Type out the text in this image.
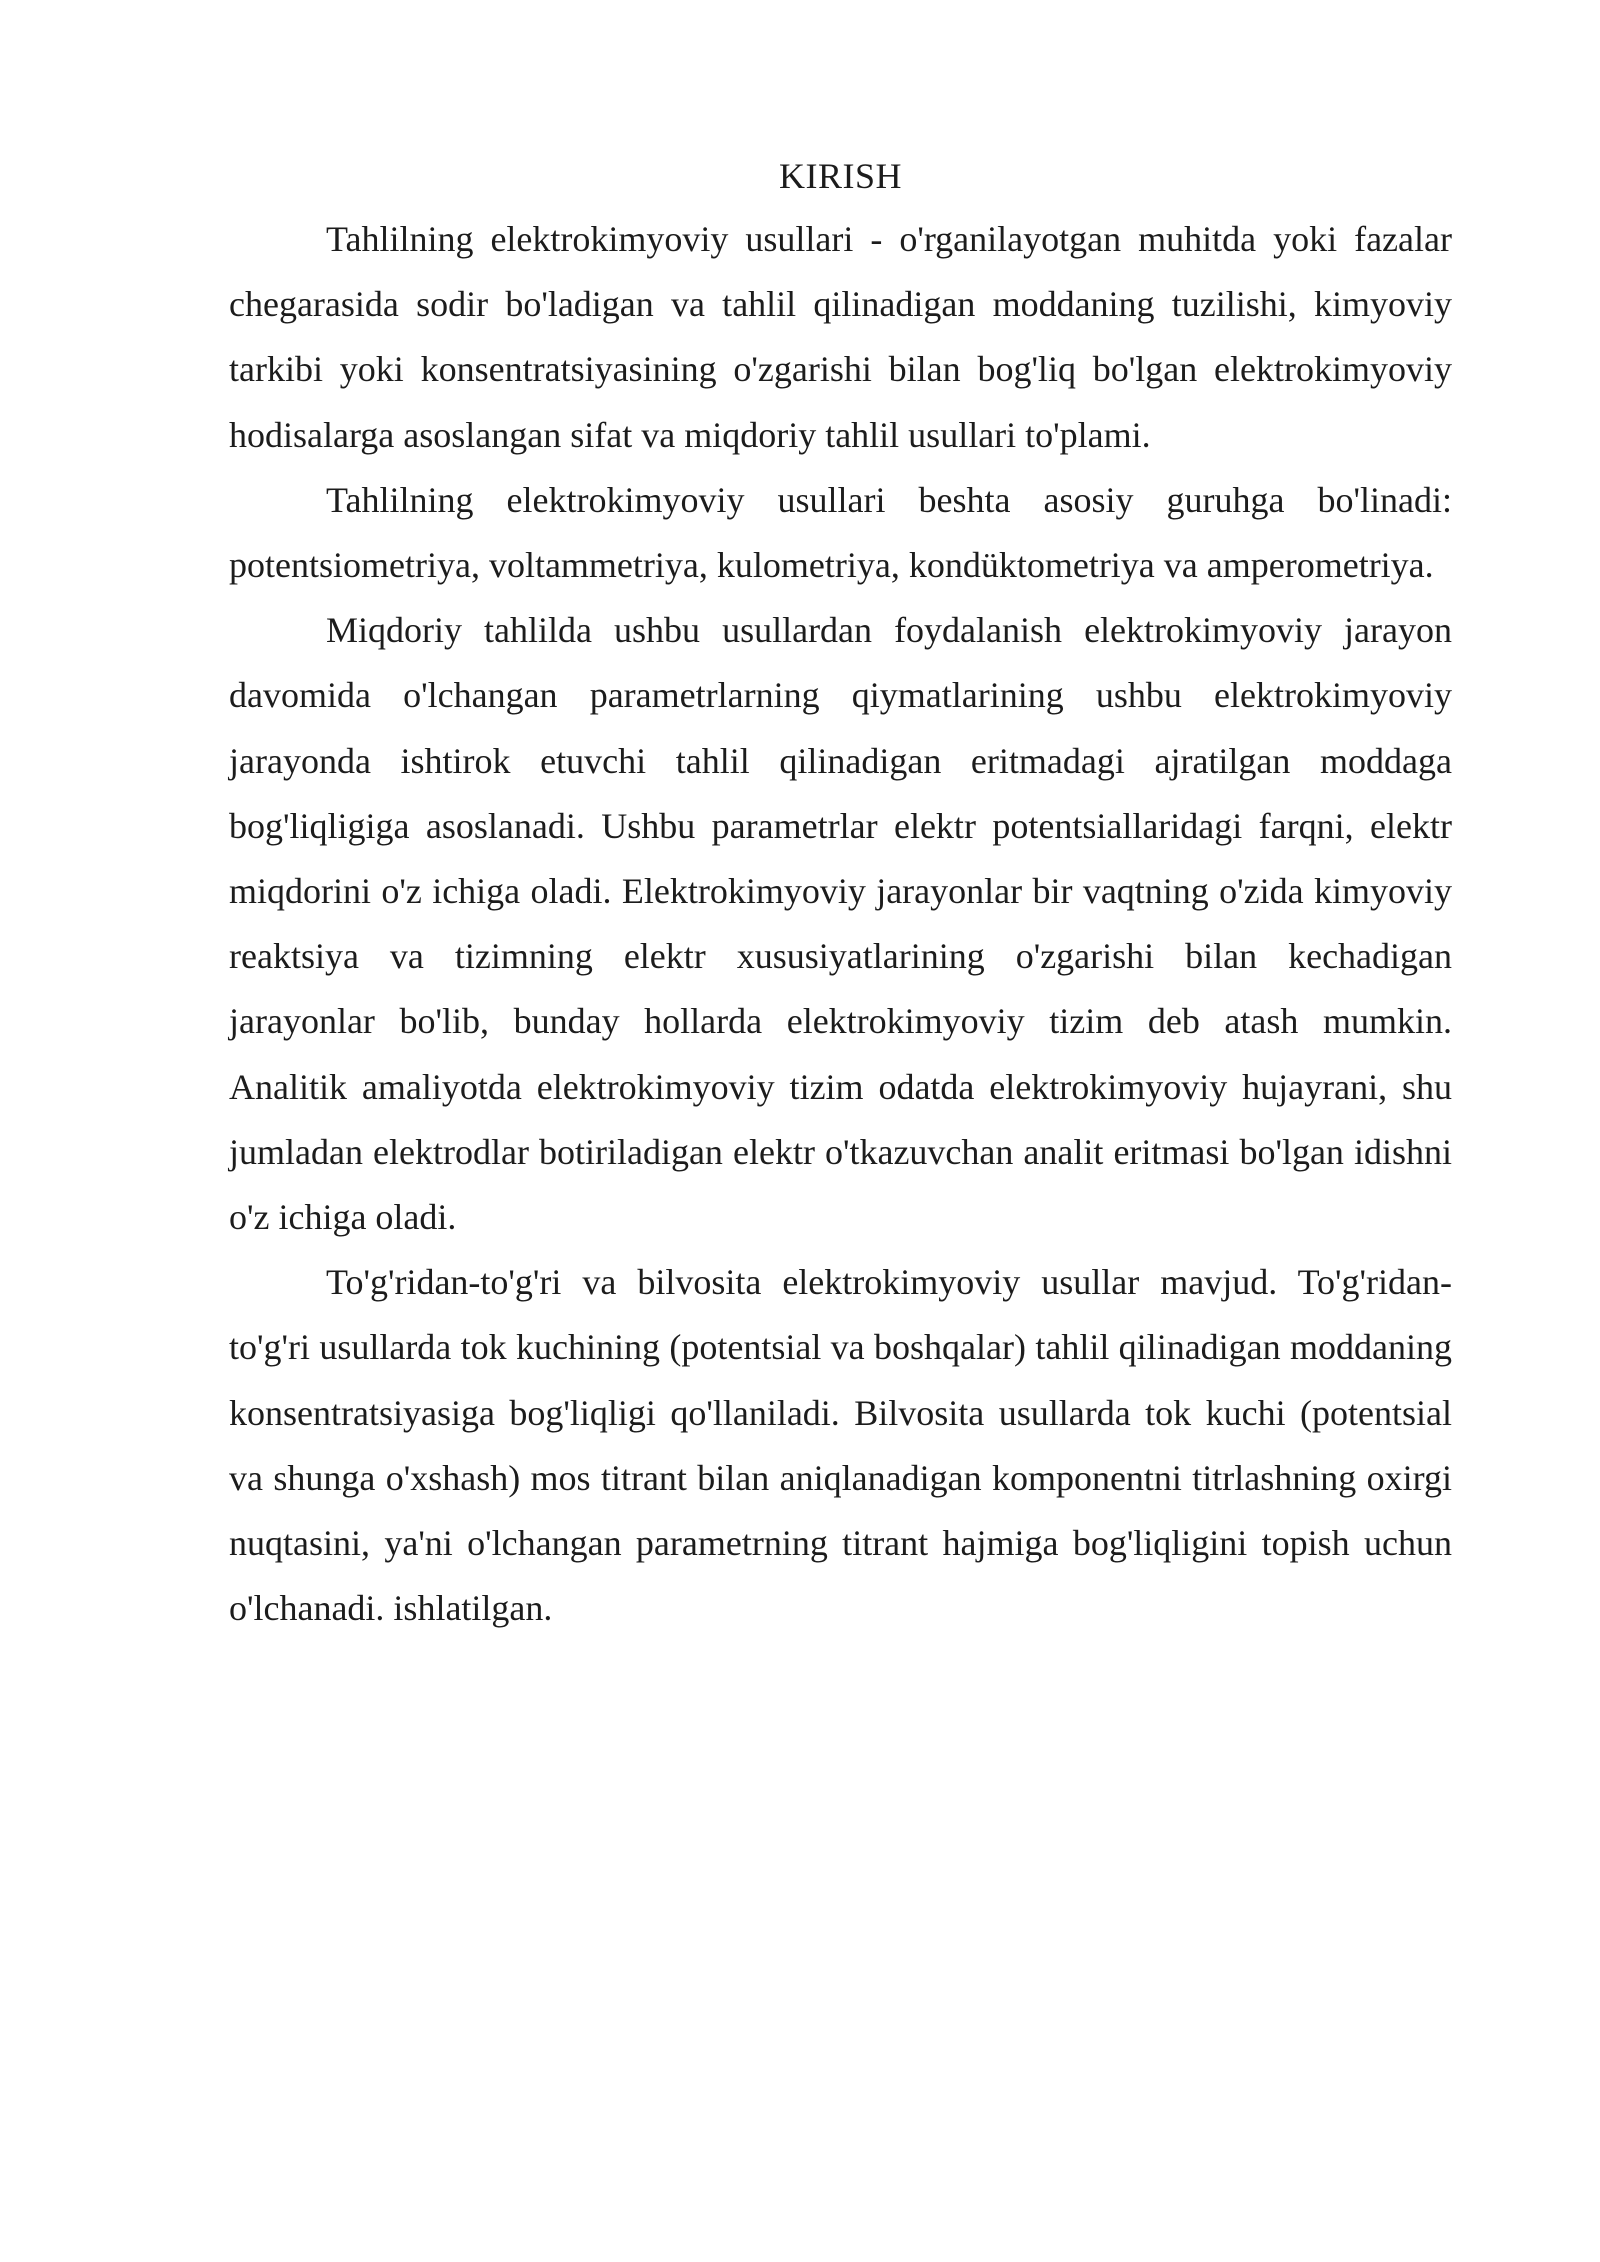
KIRISH

Tahlilning elektrokimyoviy usullari - o'rganilayotgan muhitda yoki fazalar chegarasida sodir bo'ladigan va tahlil qilinadigan moddaning tuzilishi, kimyoviy tarkibi yoki konsentratsiyasining o'zgarishi bilan bog'liq bo'lgan elektrokimyoviy hodisalarga asoslangan sifat va miqdoriy tahlil usullari to'plami.

Tahlilning elektrokimyoviy usullari beshta asosiy guruhga bo'linadi: potentsiometriya, voltammetriya, kulometriya, kondüktometriya va amperometriya.

Miqdoriy tahlilda ushbu usullardan foydalanish elektrokimyoviy jarayon davomida o'lchangan parametrlarning qiymatlarining ushbu elektrokimyoviy jarayonda ishtirok etuvchi tahlil qilinadigan eritmadagi ajratilgan moddaga bog'liqligiga asoslanadi. Ushbu parametrlar elektr potentsiallaridagi farqni, elektr miqdorini o'z ichiga oladi. Elektrokimyoviy jarayonlar bir vaqtning o'zida kimyoviy reaktsiya va tizimning elektr xususiyatlarining o'zgarishi bilan kechadigan jarayonlar bo'lib, bunday hollarda elektrokimyoviy tizim deb atash mumkin. Analitik amaliyotda elektrokimyoviy tizim odatda elektrokimyoviy hujayrani, shu jumladan elektrodlar botiriladigan elektr o'tkazuvchan analit eritmasi bo'lgan idishni o'z ichiga oladi.

To'g'ridan-to'g'ri va bilvosita elektrokimyoviy usullar mavjud. To'g'ridan-to'g'ri usullarda tok kuchining (potentsial va boshqalar) tahlil qilinadigan moddaning konsentratsiyasiga bog'liqligi qo'llaniladi. Bilvosita usullarda tok kuchi (potentsial va shunga o'xshash) mos titrant bilan aniqlanadigan komponentni titrlashning oxirgi nuqtasini, ya'ni o'lchangan parametrning titrant hajmiga bog'liqligini topish uchun o'lchanadi. ishlatilgan.
